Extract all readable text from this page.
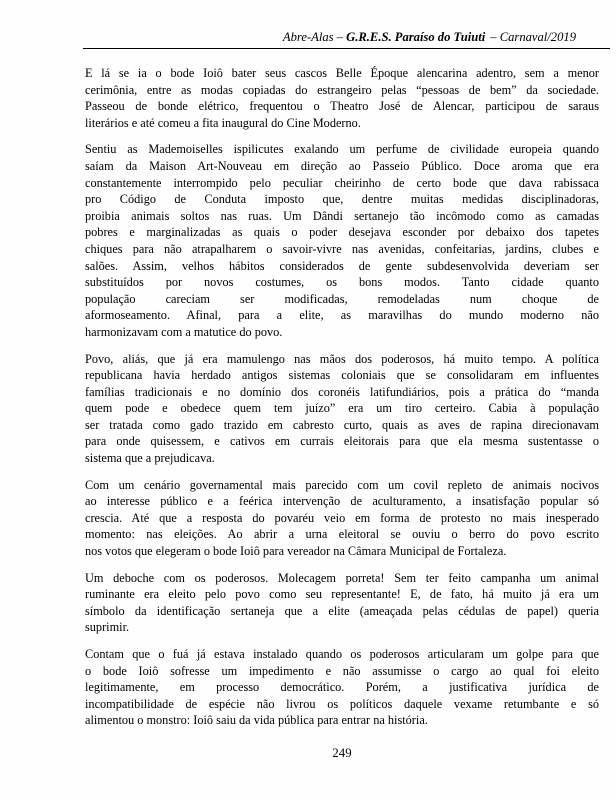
Abre-Alas – G.R.E.S. Paraíso do Tuiuti – Carnaval/2019
E lá se ia o bode Ioiô bater seus cascos Belle Époque alencarina adentro, sem a menor
cerimônia, entre as modas copiadas do estrangeiro pelas “pessoas de bem” da sociedade.
Passeou de bonde elétrico, frequentou o Theatro José de Alencar, participou de saraus
literários e até comeu a fita inaugural do Cine Moderno.
Sentiu as Mademoiselles ispilicutes exalando um perfume de civilidade europeia quando
saíam da Maison Art-Nouveau em direção ao Passeio Público. Doce aroma que era
constantemente interrompido pelo peculiar cheirinho de certo bode que dava rabissaca
pro Código de Conduta imposto que, dentre muitas medidas disciplinadoras,
proibia animais soltos nas ruas. Um Dândi sertanejo tão incômodo como as camadas
pobres e marginalizadas as quais o poder desejava esconder por debaixo dos tapetes
chiques para não atrapalharem o savoir-vivre nas avenidas, confeitarias, jardins, clubes e
salões. Assim, velhos hábitos considerados de gente subdesenvolvida deveriam ser
substituídos por novos costumes, os bons modos. Tanto cidade quanto
população careciam ser modificadas, remodeladas num choque de
aformoseamento. Afinal, para a elite, as maravilhas do mundo moderno não
harmonizavam com a matutice do povo.
Povo, aliás, que já era mamulengo nas mãos dos poderosos, há muito tempo. A política
republicana havia herdado antigos sistemas coloniais que se consolidaram em influentes
famílias tradicionais e no domínio dos coronéis latifundiários, pois a prática do “manda
quem pode e obedece quem tem juízo” era um tiro certeiro. Cabia à população
ser tratada como gado trazido em cabresto curto, quais as aves de rapina direcionavam
para onde quisessem, e cativos em currais eleitorais para que ela mesma sustentasse o
sistema que a prejudicava.
Com um cenário governamental mais parecido com um covil repleto de animais nocivos
ao interesse público e a feérica intervenção de aculturamento, a insatisfação popular só
crescia. Até que a resposta do povaréu veio em forma de protesto no mais inesperado
momento: nas eleições. Ao abrir a urna eleitoral se ouviu o berro do povo escrito
nos votos que elegeram o bode Ioiô para vereador na Câmara Municipal de Fortaleza.
Um deboche com os poderosos. Molecagem porreta! Sem ter feito campanha um animal
ruminante era eleito pelo povo como seu representante! E, de fato, há muito já era um
símbolo da identificação sertaneja que a elite (ameaçada pelas cédulas de papel) queria
suprimir.
Contam que o fuá já estava instalado quando os poderosos articularam um golpe para que
o bode Ioiô sofresse um impedimento e não assumisse o cargo ao qual foi eleito
legitimamente, em processo democrático. Porém, a justificativa jurídica de
incompatibilidade de espécie não livrou os políticos daquele vexame retumbante e só
alimentou o monstro: Ioiô saiu da vida pública para entrar na história.
249
